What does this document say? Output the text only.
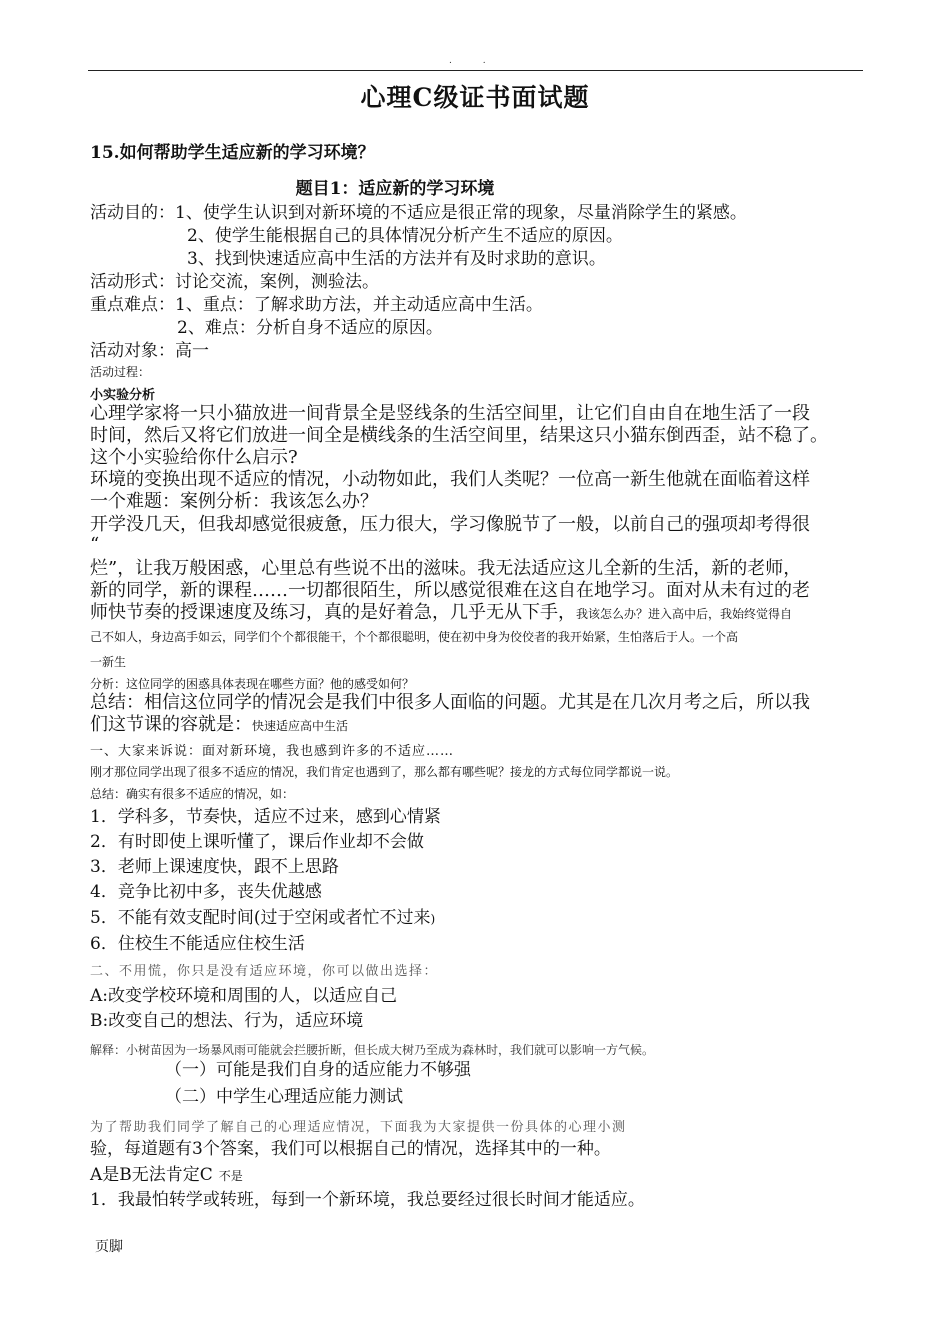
. .
心理C级证书面试题
15.如何帮助学生适应新的学习环境？
题目1：适应新的学习环境
活动目的：1、使学生认识到对新环境的不适应是很正常的现象，尽量消除学生的紧感。
2、使学生能根据自己的具体情况分析产生不适应的原因。
3、找到快速适应高中生活的方法并有及时求助的意识。
活动形式：讨论交流，案例，测验法。
重点难点：1、重点：了解求助方法，并主动适应高中生活。
2、难点：分析自身不适应的原因。
活动对象：高一
活动过程：
小实验分析
心理学家将一只小猫放进一间背景全是竖线条的生活空间里，让它们自由自在地生活了一段
时间，然后又将它们放进一间全是横线条的生活空间里，结果这只小猫东倒西歪，站不稳了。
这个小实验给你什么启示?
环境的变换出现不适应的情况，小动物如此，我们人类呢？一位高一新生他就在面临着这样
一个难题：案例分析：我该怎么办？
开学没几天，但我却感觉很疲惫，压力很大，学习像脱节了一般，以前自己的强项却考得很
“
烂”，让我万般困惑，心里总有些说不出的滋味。我无法适应这儿全新的生活，新的老师，
新的同学，新的课程……一切都很陌生，所以感觉很难在这自在地学习。面对从未有过的老
师快节奏的授课速度及练习，真的是好着急，几乎无从下手，我该怎么办？进入高中后，我始终觉得自
己不如人，身边高手如云，同学们个个都很能干，个个都很聪明，使在初中身为佼佼者的我开始紧，生怕落后于人。一个高
一新生
分析：这位同学的困惑具体表现在哪些方面？他的感受如何？
总结：相信这位同学的情况会是我们中很多人面临的问题。尤其是在几次月考之后，所以我
们这节课的容就是：快速适应高中生活
一、大家来诉说：面对新环境，我也感到许多的不适应……
刚才那位同学出现了很多不适应的情况，我们肯定也遇到了，那么都有哪些呢？接龙的方式每位同学都说一说。
总结：确实有很多不适应的情况，如：
1．学科多，节奏快，适应不过来，感到心情紧
2．有时即使上课听懂了，课后作业却不会做
3．老师上课速度快，跟不上思路
4．竞争比初中多，丧失优越感
5．不能有效支配时间(过于空闲或者忙不过来)
6．住校生不能适应住校生活
二、不用慌，你只是没有适应环境，你可以做出选择：
A:改变学校环境和周围的人，以适应自己
B:改变自己的想法、行为，适应环境
解释：小树苗因为一场暴风雨可能就会拦腰折断，但长成大树乃至成为森林时，我们就可以影响一方气候。
（一）可能是我们自身的适应能力不够强
（二）中学生心理适应能力测试
为了帮助我们同学了解自己的心理适应情况，下面我为大家提供一份具体的心理小测
验，每道题有3个答案，我们可以根据自己的情况，选择其中的一种。
A是B无法肯定C 不是
1．我最怕转学或转班，每到一个新环境，我总要经过很长时间才能适应。
页脚
